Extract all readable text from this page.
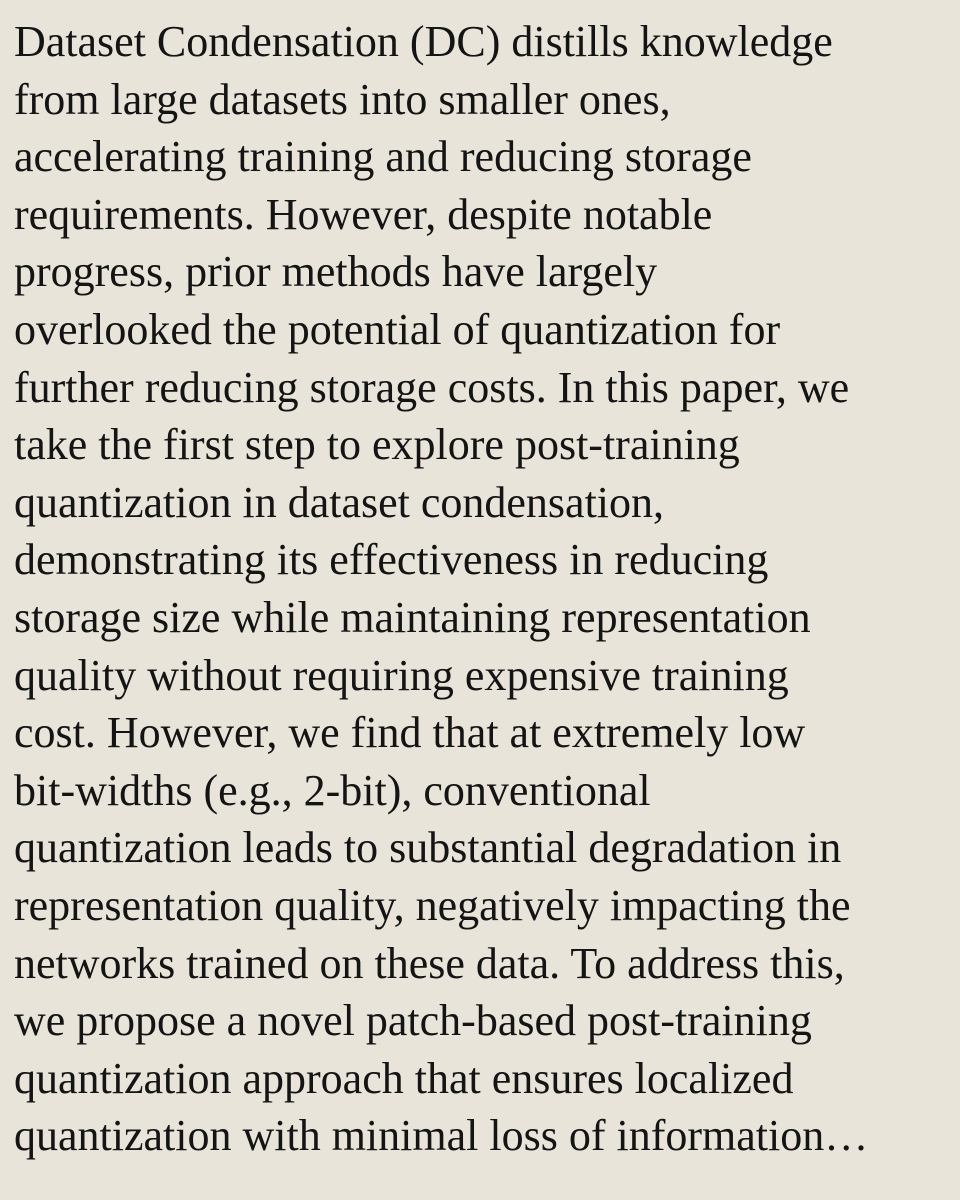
Dataset Condensation (DC) distills knowledge
from large datasets into smaller ones,
accelerating training and reducing storage
requirements. However, despite notable
progress, prior methods have largely
overlooked the potential of quantization for
further reducing storage costs. In this paper, we
take the first step to explore post-training
quantization in dataset condensation,
demonstrating its effectiveness in reducing
storage size while maintaining representation
quality without requiring expensive training
cost. However, we find that at extremely low
bit-widths (e.g., 2-bit), conventional
quantization leads to substantial degradation in
representation quality, negatively impacting the
networks trained on these data. To address this,
we propose a novel patch-based post-training
quantization approach that ensures localized
quantization with minimal loss of information…
